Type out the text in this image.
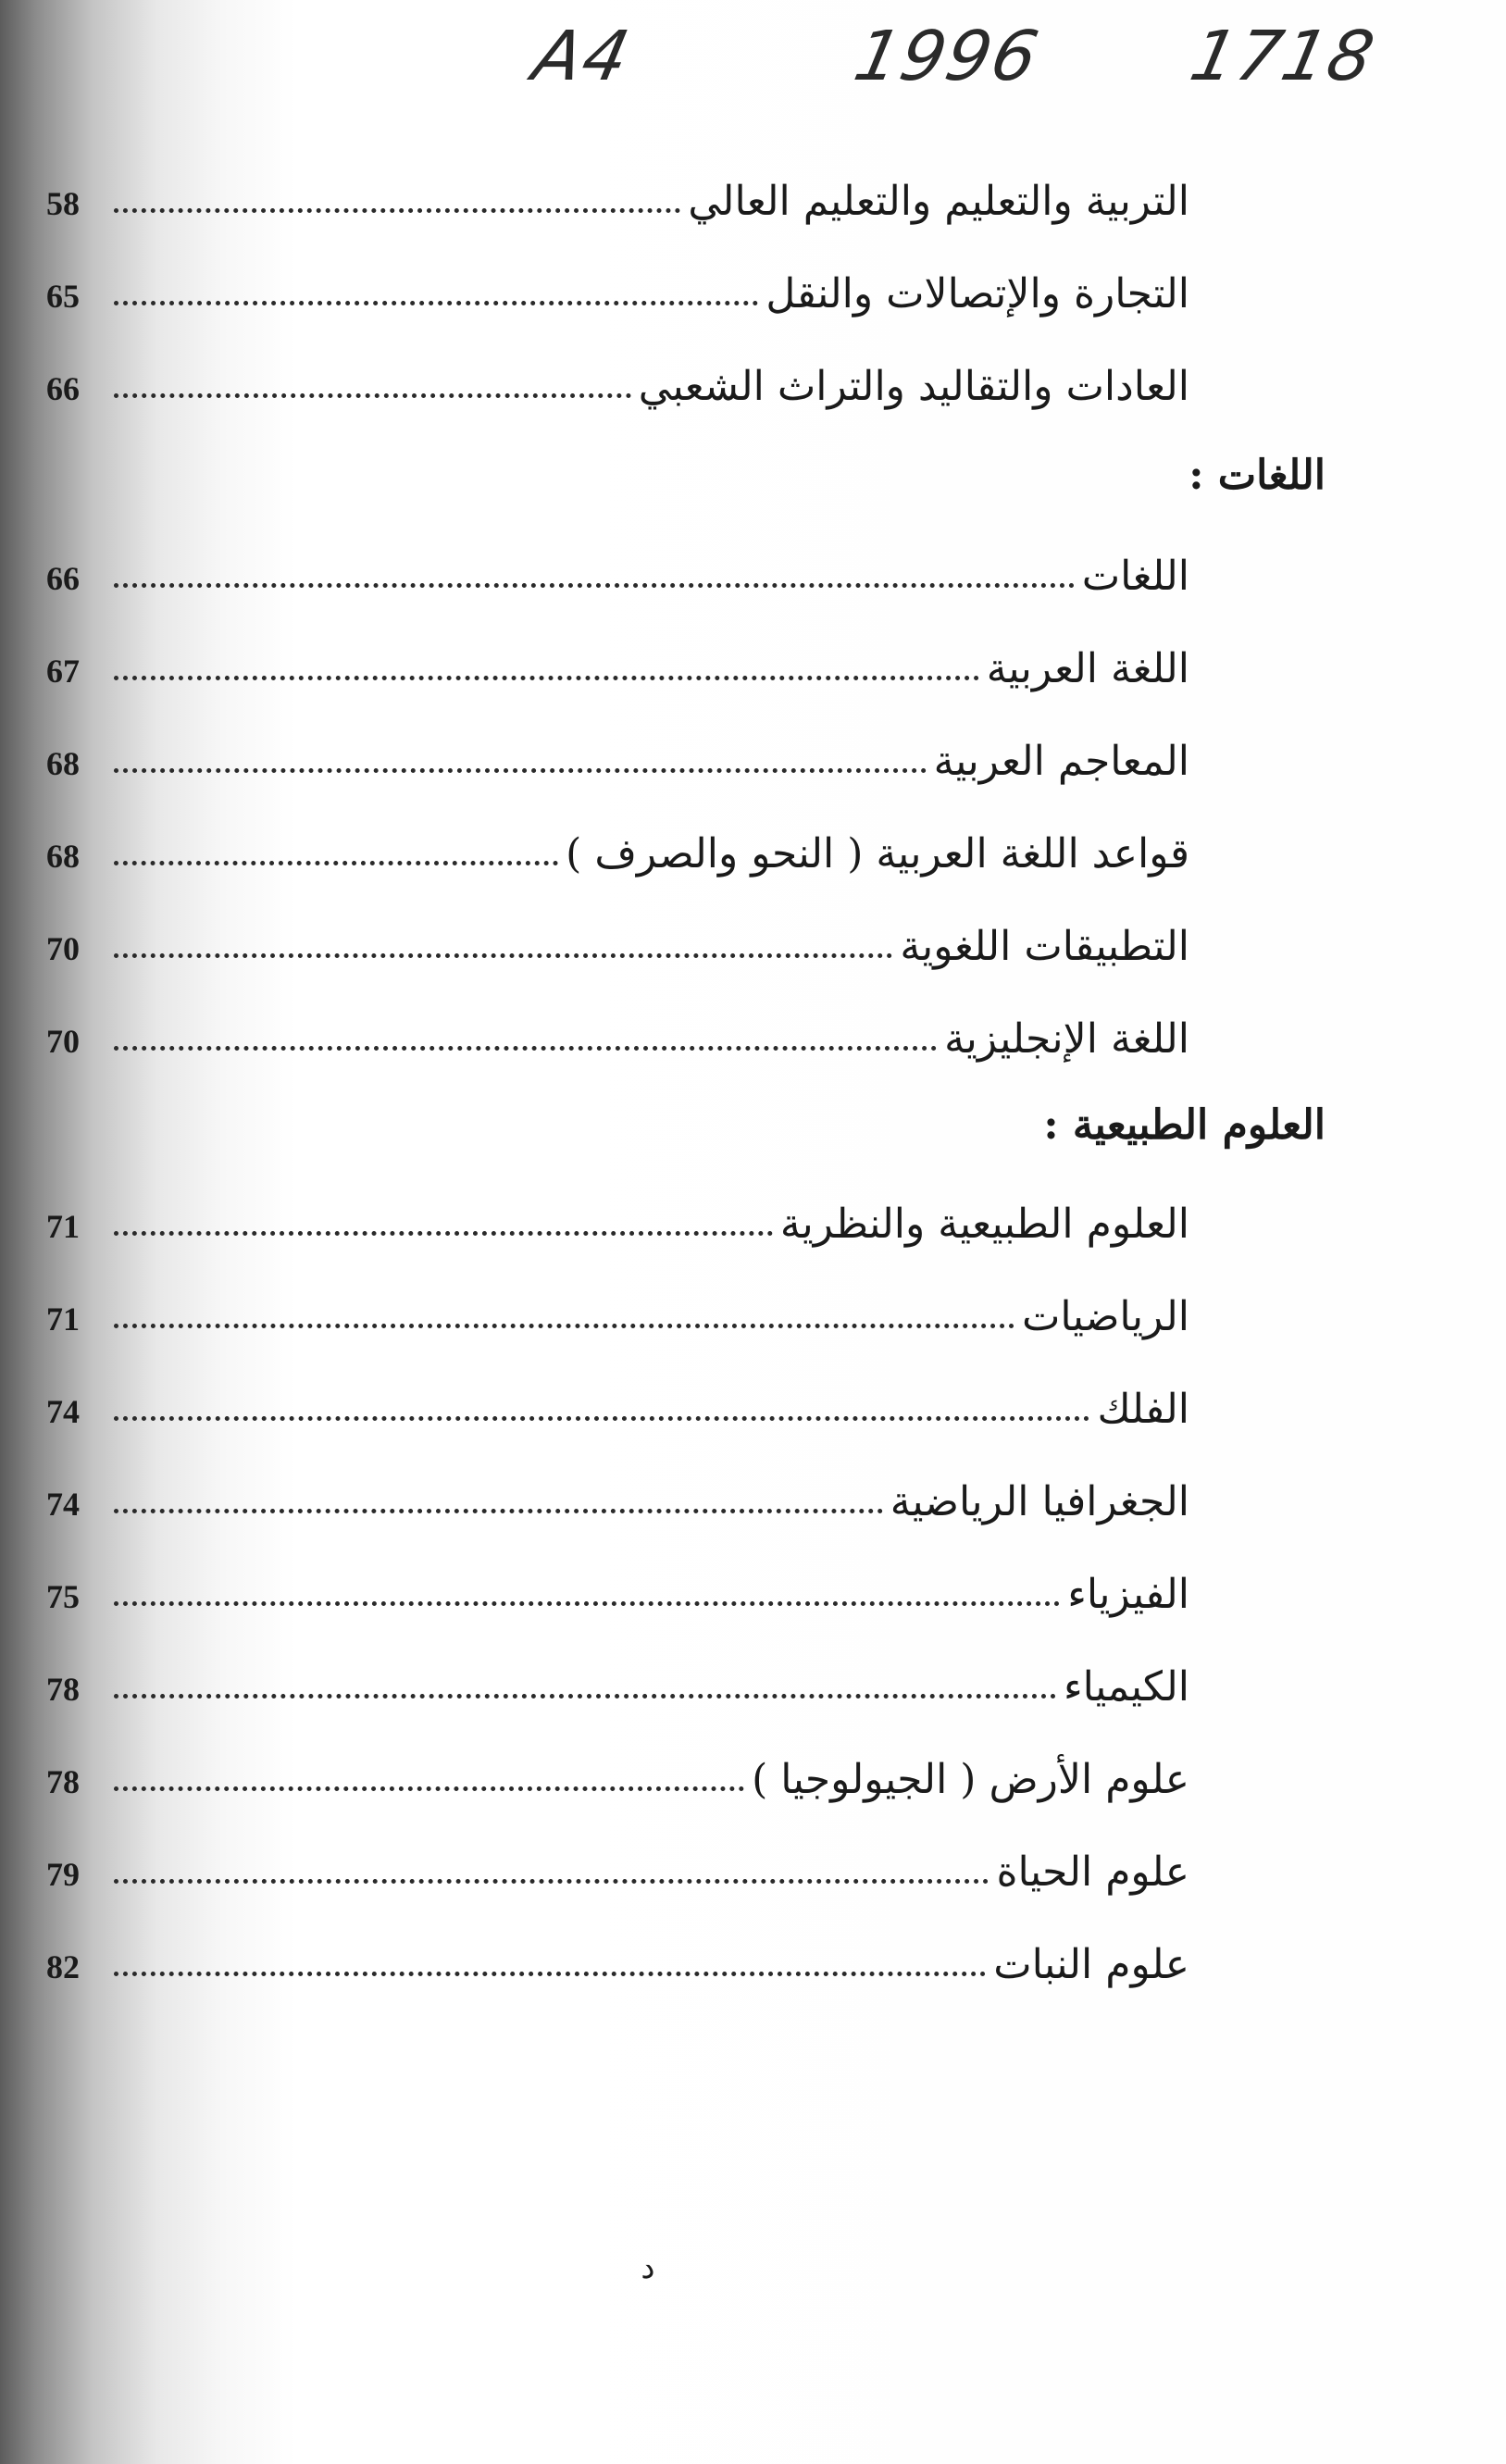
A4	1996 1718
التربية والتعليم والتعليم العالي
58
التجارة والإتصالات والنقل
65
العادات والتقاليد والتراث الشعبي
66
اللغات :
اللغات
66
اللغة العربية
67
المعاجم العربية
68
قواعد اللغة العربية ( النحو والصرف )
68
التطبيقات اللغوية
70
اللغة الإنجليزية
70
العلوم الطبيعية :
العلوم الطبيعية والنظرية
71
الرياضيات
71
الفلك
74
الجغرافيا الرياضية
74
الفيزياء
75
الكيمياء
78
علوم الأرض ( الجيولوجيا )
78
علوم الحياة
79
علوم النبات
82
د
